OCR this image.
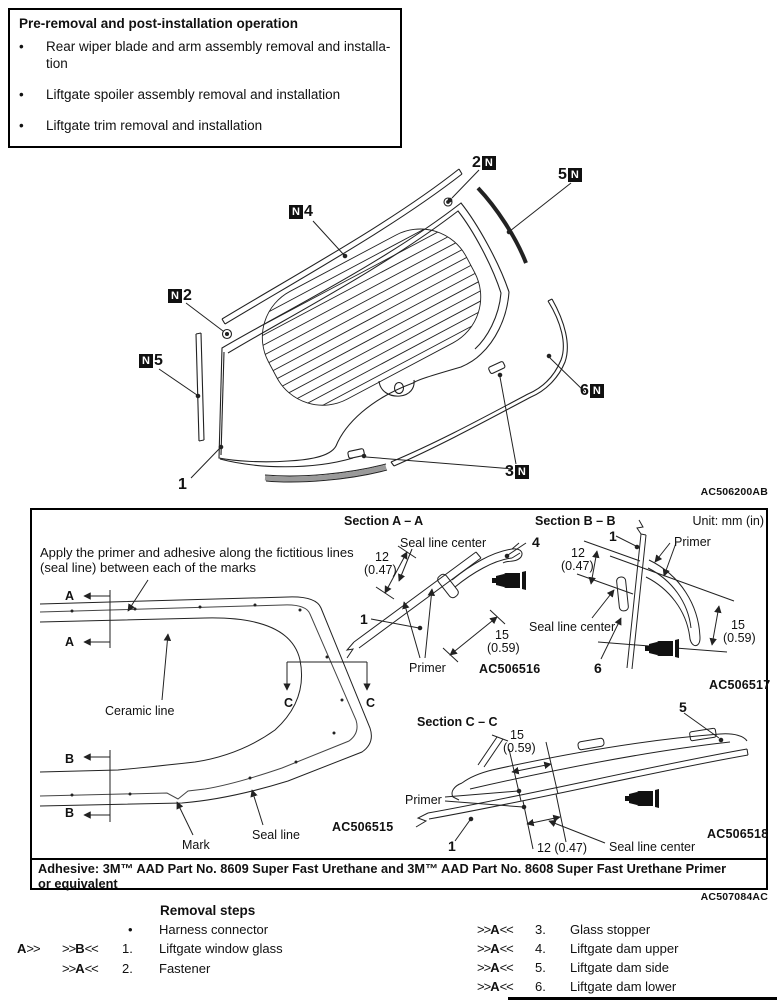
Pre-removal and post-installation operation
•	Rear wiper blade and arm assembly removal and installa-
tion
•	Liftgate spoiler assembly removal and installation
•	Liftgate trim removal and installation
2 N
5 N
N 4
N 2
N 5
6 N
3 N
1	AC506200AB
Apply the primer and adhesive along the fictitious lines
(seal line) between each of the marks
Section A – A	Section B – B	Unit: mm (in)
Section C – C
A
A
B
B
C	C
Ceramic line
Mark
Seal line
AC506515
Seal line center	4
12
(0.47)
1
15
(0.59)
Primer	AC506516
1	Primer
12
(0.47)
Seal line center	15
(0.59)
6
AC506517
5
15
(0.59)
Primer
1	12 (0.47) Seal line center
AC506518
Adhesive: 3M™ AAD Part No. 8609 Super Fast Urethane and 3M™ AAD Part No. 8608 Super Fast Urethane Primer
or equivalent
AC507084AC
Removal steps
• Harness connector
A>> >>B<< 1. Liftgate window glass
>>A<< 2. Fastener
>>A<< 3. Glass stopper
>>A<< 4. Liftgate dam upper
>>A<< 5. Liftgate dam side
>>A<< 6. Liftgate dam lower
